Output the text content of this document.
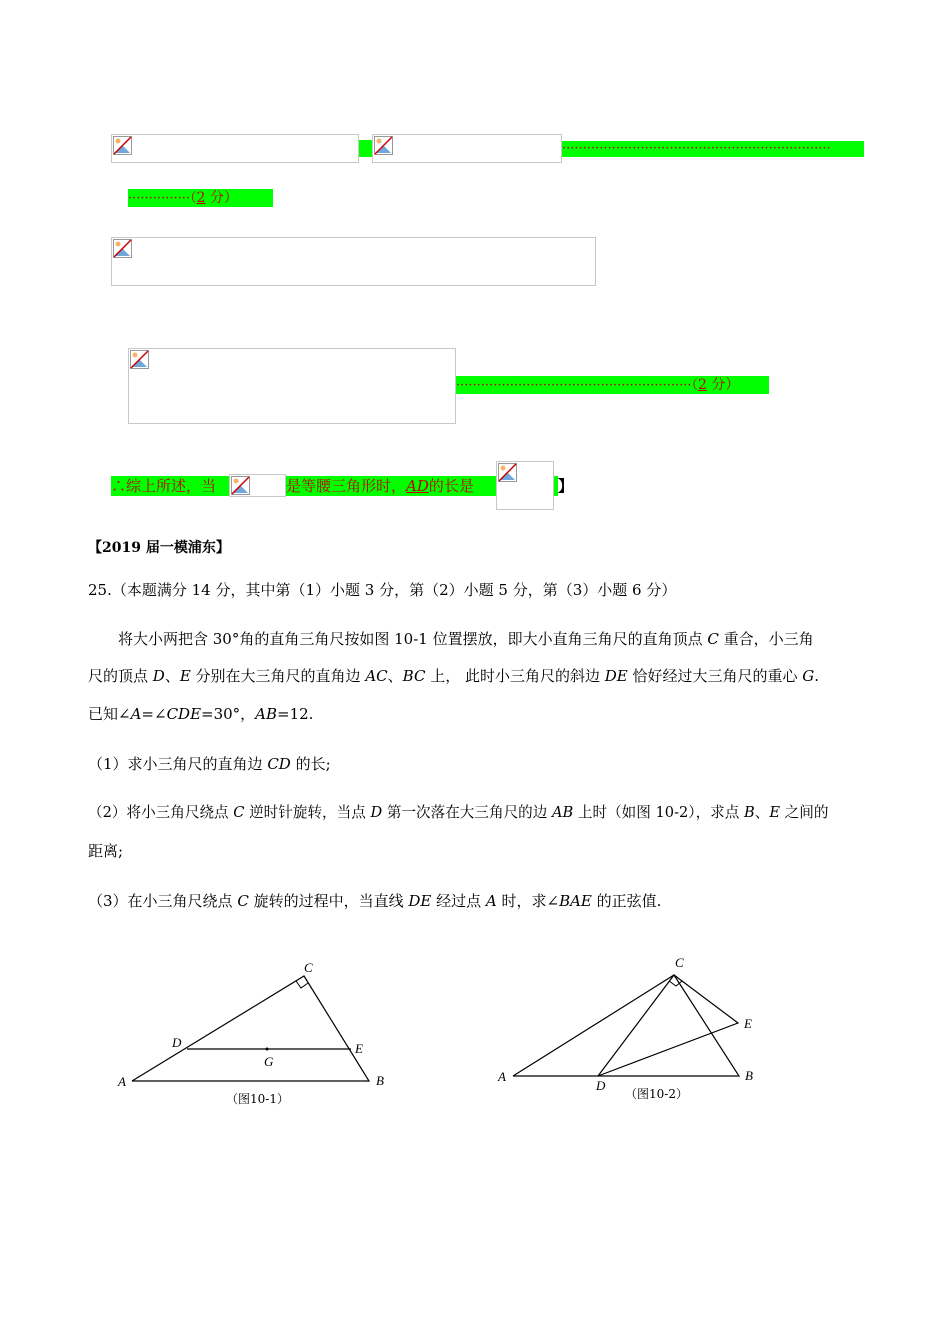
·································································
···············（2 分）
·························································（2 分）
∴综上所述，当	是等腰三角形时，AD的长是	】
【2019 届一模浦东】
25.（本题满分 14 分，其中第（1）小题 3 分，第（2）小题 5 分，第（3）小题 6 分）
将大小两把含 30°角的直角三角尺按如图 10-1 位置摆放，即大小直角三角尺的直角顶点 C 重合，小三角
尺的顶点 D、E 分别在大三角尺的直角边 AC、BC 上， 此时小三角尺的斜边 DE 恰好经过大三角尺的重心 G.
已知∠A=∠CDE=30°，AB=12.
（1）求小三角尺的直角边 CD 的长;
（2）将小三角尺绕点 C 逆时针旋转，当点 D 第一次落在大三角尺的边 AB 上时（如图 10-2），求点 B、E 之间的
距离;
（3）在小三角尺绕点 C 旋转的过程中，当直线 DE 经过点 A 时，求∠BAE 的正弦值.
C
D	E
G
A	B
（图10-1）
C
E
A
D
B
（图10-2）
